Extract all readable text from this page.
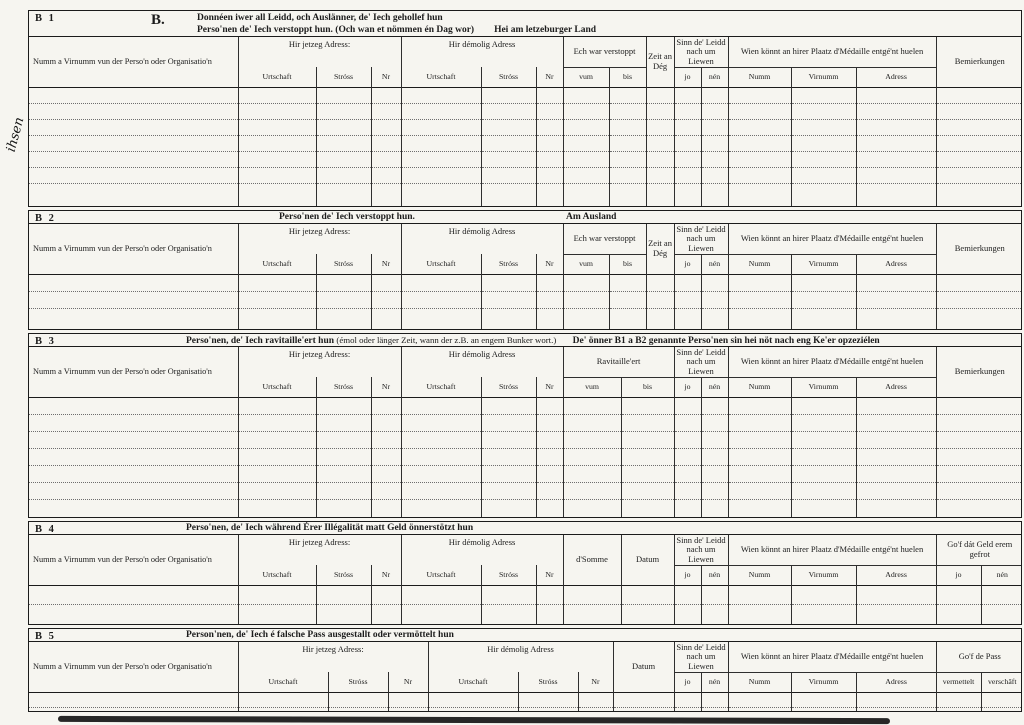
ihsen
B 1	B.	Donnéen iwer all Leidd, och Auslänner, de' Iech gehollef hun
Perso'nen de' Iech verstoppt hun. (Och wan et nömmen én Dag wor) Hei am letzeburger Land
Numm a Virnumm vun der Perso'n oder Organisatio'n	Hir jetzeg Adress:			Hir démolig Adress			Ech war verstoppt		Zeit an Dég	Sinn de' Leidd nach um Liewen		Wien könnt an hirer Plaatz d'Médaille entgé'nt huelen			Bemierkungen
	Urtschaft	Stróss	Nr	Urtschaft	Stróss	Nr	vum	bis		jo	nén	Numm	Virnumm	Adress	

B 2	Perso'nen de' Iech verstoppt hun.	Am Ausland
Numm a Virnumm vun der Perso'n oder Organisatio'n	Hir jetzeg Adress:			Hir démolig Adress			Ech war verstoppt		Zeit an Dég	Sinn de' Leidd nach um Liewen		Wien könnt an hirer Plaatz d'Médaille entgé'nt huelen			Bemierkungen
	Urtschaft	Stróss	Nr	Urtschaft	Stróss	Nr	vum	bis		jo	nén	Numm	Virnumm	Adress	

B 3	Perso'nen, de' Iech ravitaille'ert hun (émol oder länger Zeit, wann der z.B. an engem Bunker wort.) De' önner B1 a B2 genannte Perso'nen sin hei nöt nach eng Ke'er opzeziélen
Numm a Virnumm vun der Perso'n oder Organisatio'n	Hir jetzeg Adress:			Hir démolig Adress			Ravitaille'ert		Sinn de' Leidd nach um Liewen		Wien könnt an hirer Plaatz d'Médaille entgé'nt huelen			Bemierkungen
	Urtschaft	Stróss	Nr	Urtschaft	Stróss	Nr	vum	bis	jo	nén	Numm	Virnumm	Adress	

B 4	Perso'nen, de' Iech während Érer Illégalität matt Geld önnerstötzt hun
Numm a Virnumm vun der Perso'n oder Organisatio'n	Hir jetzeg Adress:			Hir démolig Adress			d'Somme	Datum	Sinn de' Leidd nach um Liewen		Wien könnt an hirer Plaatz d'Médaille entgé'nt huelen			Go'f dát Geld erem gefrot	
	Urtschaft	Stróss	Nr	Urtschaft	Stróss	Nr			jo	nén	Numm	Virnumm	Adress	jo	nén

B 5	Person'nen, de' Iech é falsche Pass ausgestallt oder vermöttelt hun
Numm a Virnumm vun der Perso'n oder Organisatio'n	Hir jetzeg Adress:			Hir démolig Adress			Datum	Sinn de' Leidd nach um Liewen		Wien könnt an hirer Plaatz d'Médaille entgé'nt huelen			Go'f de Pass	
	Urtschaft	Stróss	Nr	Urtschaft	Stróss	Nr		jo	nén	Numm	Virnumm	Adress	vermettelt	verschâft
